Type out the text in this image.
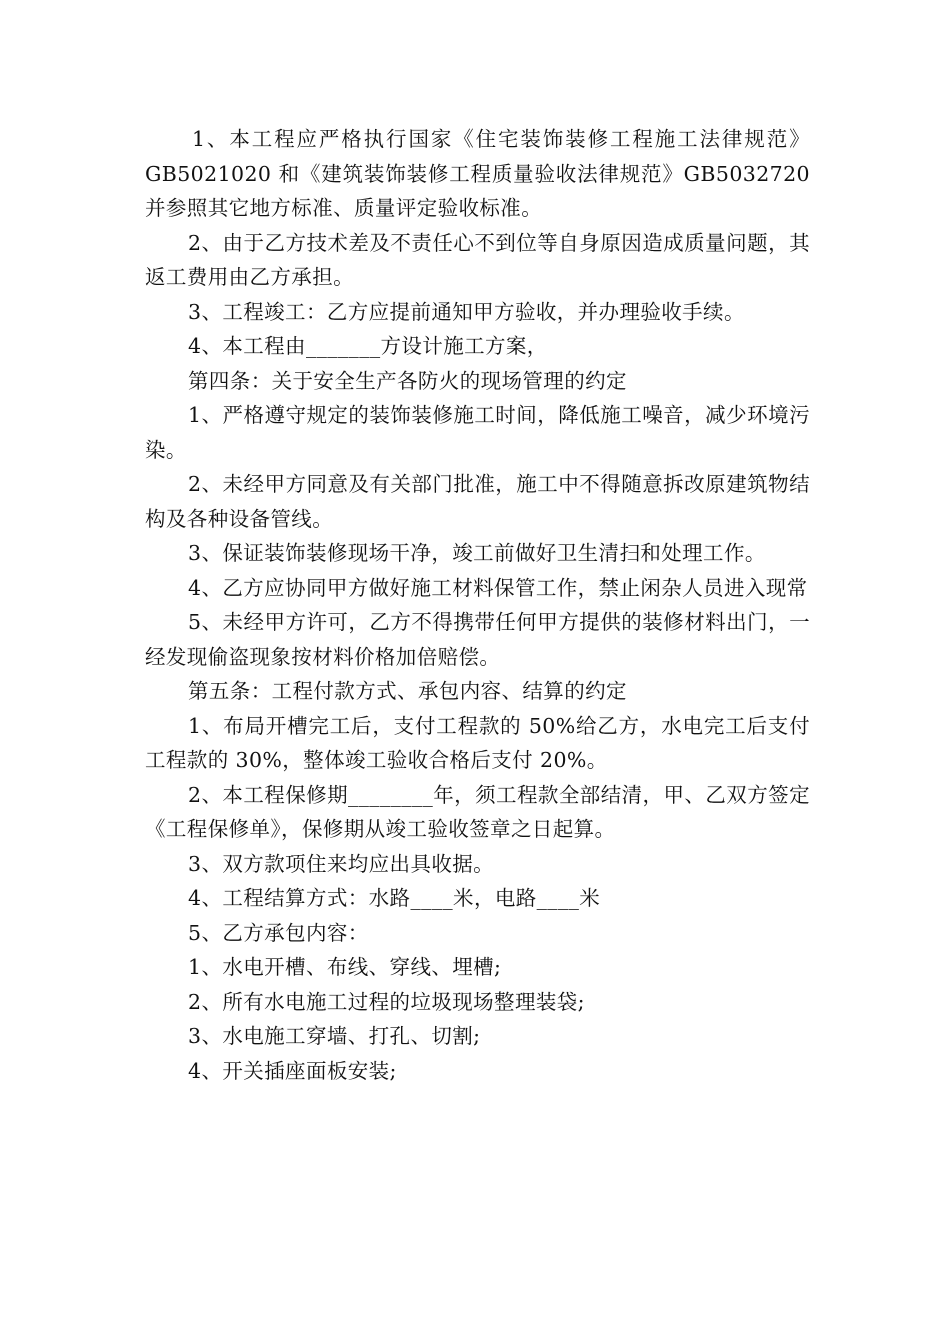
1、本工程应严格执行国家《住宅装饰装修工程施工法律规范》GB5021020 和《建筑装饰装修工程质量验收法律规范》GB5032720 并参照其它地方标准、质量评定验收标准。

2、由于乙方技术差及不责任心不到位等自身原因造成质量问题，其返工费用由乙方承担。

3、工程竣工：乙方应提前通知甲方验收，并办理验收手续。

4、本工程由_______方设计施工方案，

第四条：关于安全生产各防火的现场管理的约定

1、严格遵守规定的装饰装修施工时间，降低施工噪音，减少环境污染。

2、未经甲方同意及有关部门批准，施工中不得随意拆改原建筑物结构及各种设备管线。

3、保证装饰装修现场干净，竣工前做好卫生清扫和处理工作。

4、乙方应协同甲方做好施工材料保管工作，禁止闲杂人员进入现常

5、未经甲方许可，乙方不得携带任何甲方提供的装修材料出门，一经发现偷盗现象按材料价格加倍赔偿。

第五条：工程付款方式、承包内容、结算的约定

1、布局开槽完工后，支付工程款的 50%给乙方，水电完工后支付工程款的 30%，整体竣工验收合格后支付 20%。

2、本工程保修期________年，须工程款全部结清，甲、乙双方签定《工程保修单》，保修期从竣工验收签章之日起算。

3、双方款项住来均应出具收据。

4、工程结算方式：水路____米，电路____米

5、乙方承包内容：

1、水电开槽、布线、穿线、埋槽;

2、所有水电施工过程的垃圾现场整理装袋;

3、水电施工穿墙、打孔、切割;

4、开关插座面板安装;
